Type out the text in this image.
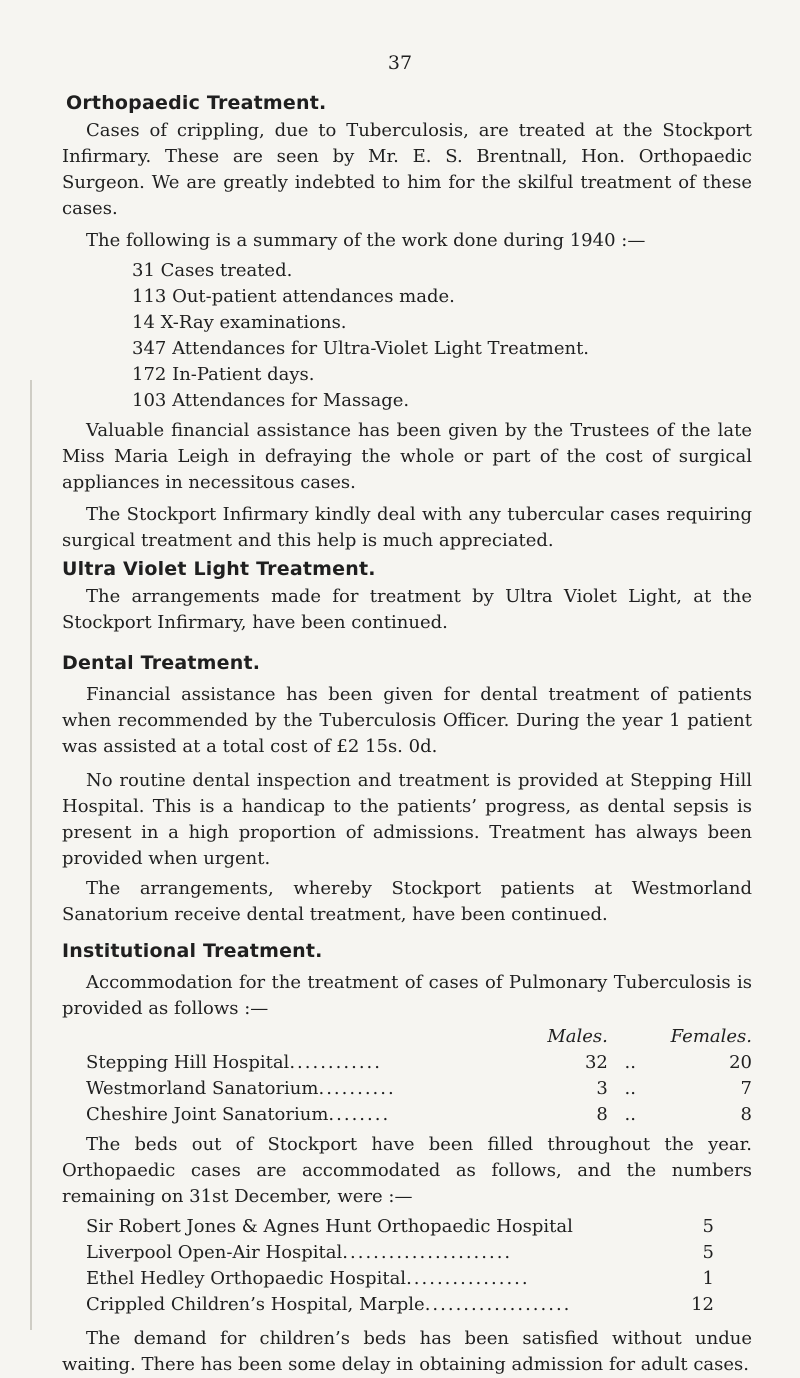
37
Orthopaedic Treatment.

Cases of crippling, due to Tuberculosis, are treated at the Stockport Infirmary. These are seen by Mr. E. S. Brentnall, Hon. Orthopaedic Surgeon. We are greatly indebted to him for the skilful treatment of these cases.

The following is a summary of the work done during 1940 :—

31 Cases treated.
113 Out-patient attendances made.
14 X-Ray examinations.
347 Attendances for Ultra-Violet Light Treatment.
172 In-Patient days.
103 Attendances for Massage.

Valuable financial assistance has been given by the Trustees of the late Miss Maria Leigh in defraying the whole or part of the cost of surgical appliances in necessitous cases.

The Stockport Infirmary kindly deal with any tubercular cases requiring surgical treatment and this help is much appreciated.

Ultra Violet Light Treatment.

The arrangements made for treatment by Ultra Violet Light, at the Stockport Infirmary, have been continued.

Dental Treatment.

Financial assistance has been given for dental treatment of patients when recommended by the Tuberculosis Officer. During the year 1 patient was assisted at a total cost of £2 15s. 0d.

No routine dental inspection and treatment is provided at Stepping Hill Hospital. This is a handicap to the patients’ progress, as dental sepsis is present in a high proportion of admissions. Treatment has always been provided when urgent.

The arrangements, whereby Stockport patients at Westmorland Sanatorium receive dental treatment, have been continued.

Institutional Treatment.

Accommodation for the treatment of cases of Pulmonary Tuberculosis is provided as follows :—

Males.	Females.
Stepping Hill Hospital............	32 ..	20
Westmorland Sanatorium..........	3 ..	7
Cheshire Joint Sanatorium........	8 ..	8

The beds out of Stockport have been filled throughout the year. Orthopaedic cases are accommodated as follows, and the numbers remaining on 31st December, were :—

Sir Robert Jones & Agnes Hunt Orthopaedic Hospital	5
Liverpool Open-Air Hospital......................	5
Ethel Hedley Orthopaedic Hospital................	1
Crippled Children’s Hospital, Marple...................	12

The demand for children’s beds has been satisfied without undue waiting. There has been some delay in obtaining admission for adult cases.
